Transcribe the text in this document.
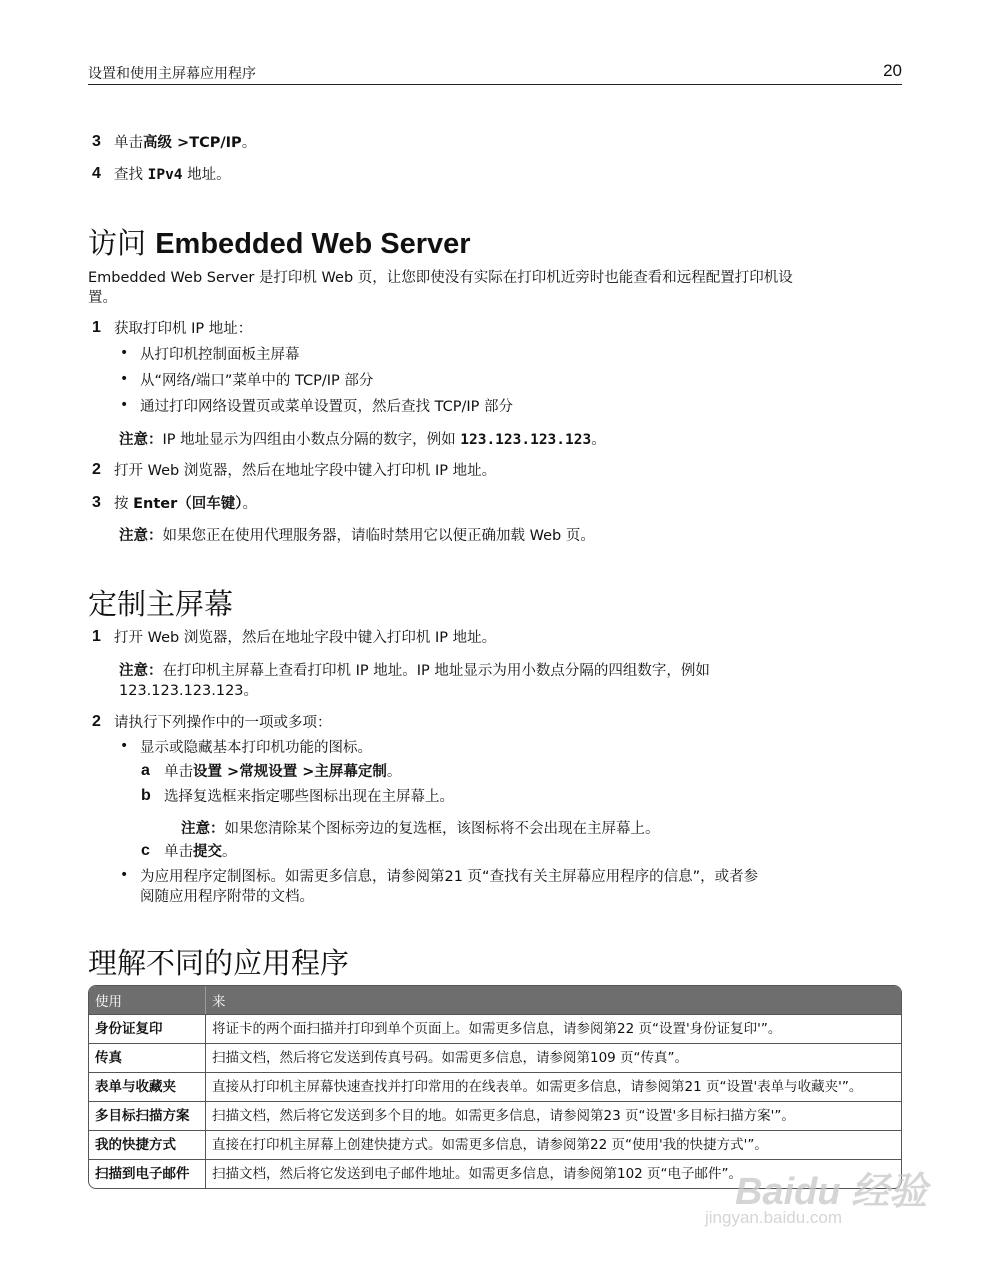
设置和使用主屏幕应用程序	20
3 单击高级 >TCP/IP。
4 查找 IPv4 地址。
访问 Embedded Web Server
Embedded Web Server 是打印机 Web 页，让您即使没有实际在打印机近旁时也能查看和远程配置打印机设
置。
1 获取打印机 IP 地址：
• 从打印机控制面板主屏幕
• 从“网络/端口”菜单中的 TCP/IP 部分
• 通过打印网络设置页或菜单设置页，然后查找 TCP/IP 部分
注意：IP 地址显示为四组由小数点分隔的数字，例如 123.123.123.123。
2 打开 Web 浏览器，然后在地址字段中键入打印机 IP 地址。
3 按 Enter（回车键）。
注意：如果您正在使用代理服务器，请临时禁用它以便正确加载 Web 页。
定制主屏幕
1 打开 Web 浏览器，然后在地址字段中键入打印机 IP 地址。
注意：在打印机主屏幕上查看打印机 IP 地址。IP 地址显示为用小数点分隔的四组数字，例如
123.123.123.123。
2 请执行下列操作中的一项或多项：
• 显示或隐藏基本打印机功能的图标。
a 单击设置 >常规设置 >主屏幕定制。
b 选择复选框来指定哪些图标出现在主屏幕上。
注意：如果您清除某个图标旁边的复选框，该图标将不会出现在主屏幕上。
c 单击提交。
• 为应用程序定制图标。如需更多信息，请参阅第21 页“查找有关主屏幕应用程序的信息”，或者参
阅随应用程序附带的文档。
理解不同的应用程序
使用	来
身份证复印	将证卡的两个面扫描并打印到单个页面上。如需更多信息，请参阅第22 页“设置'身份证复印'”。
传真	扫描文档，然后将它发送到传真号码。如需更多信息，请参阅第109 页“传真”。
表单与收藏夹	直接从打印机主屏幕快速查找并打印常用的在线表单。如需更多信息，请参阅第21 页“设置'表单与收藏夹'”。
多目标扫描方案	扫描文档，然后将它发送到多个目的地。如需更多信息，请参阅第23 页“设置'多目标扫描方案'”。
我的快捷方式	直接在打印机主屏幕上创建快捷方式。如需更多信息，请参阅第22 页“使用'我的快捷方式'”。
扫描到电子邮件	扫描文档，然后将它发送到电子邮件地址。如需更多信息，请参阅第102 页“电子邮件”。
Baidu 经验
jingyan.baidu.com
